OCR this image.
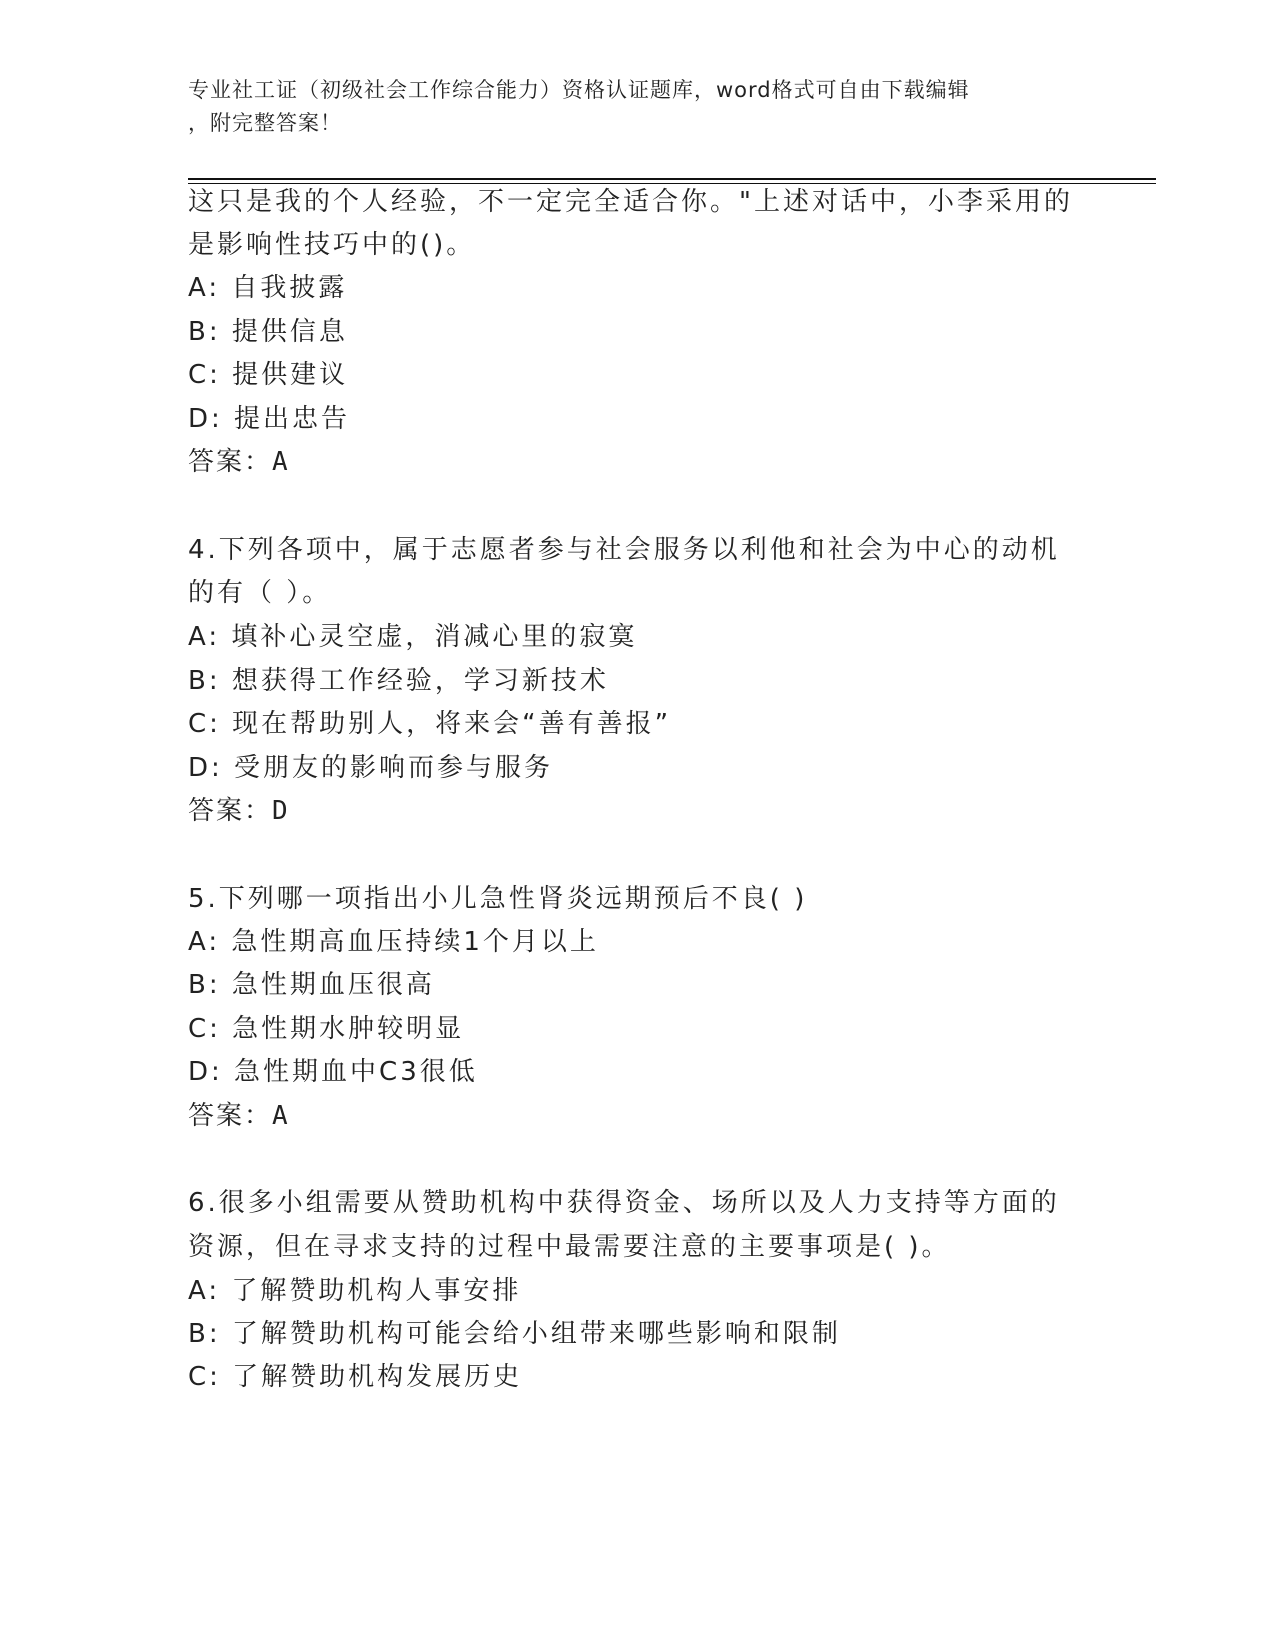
专业社工证（初级社会工作综合能力）资格认证题库，word格式可自由下载编辑
，附完整答案！
这只是我的个人经验，不一定完全适合你。"上述对话中，小李采用的
是影响性技巧中的()。
A: 自我披露
B: 提供信息
C: 提供建议
D: 提出忠告
答案：A
4.下列各项中，属于志愿者参与社会服务以利他和社会为中心的动机
的有（ ）。
A: 填补心灵空虚，消减心里的寂寞
B: 想获得工作经验，学习新技术
C: 现在帮助别人，将来会“善有善报”
D: 受朋友的影响而参与服务
答案：D
5.下列哪一项指出小儿急性肾炎远期预后不良( )
A: 急性期高血压持续1个月以上
B: 急性期血压很高
C: 急性期水肿较明显
D: 急性期血中C3很低
答案：A
6.很多小组需要从赞助机构中获得资金、场所以及人力支持等方面的
资源，但在寻求支持的过程中最需要注意的主要事项是( )。
A: 了解赞助机构人事安排
B: 了解赞助机构可能会给小组带来哪些影响和限制
C: 了解赞助机构发展历史
